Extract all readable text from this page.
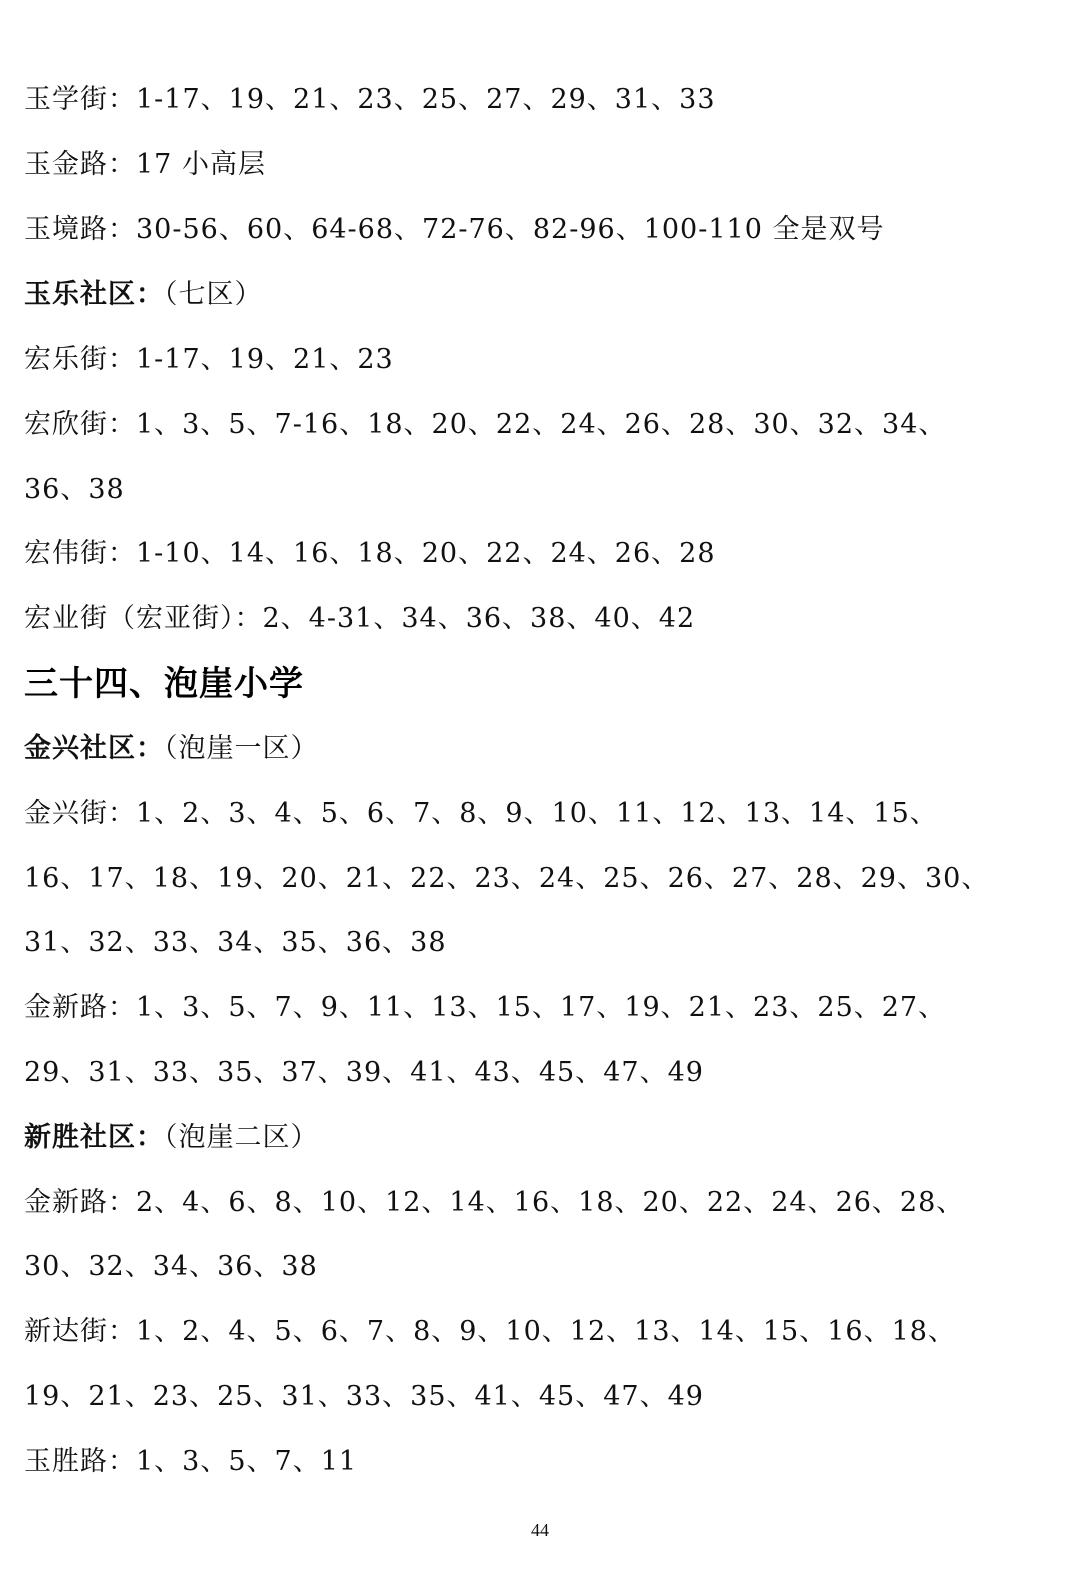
玉学街：1-17、19、21、23、25、27、29、31、33
玉金路：17 小高层
玉境路：30-56、60、64-68、72-76、82-96、100-110 全是双号
玉乐社区：（七区）
宏乐街：1-17、19、21、23
宏欣街：1、3、5、7-16、18、20、22、24、26、28、30、32、34、
36、38
宏伟街：1-10、14、16、18、20、22、24、26、28
宏业街（宏亚街）：2、4-31、34、36、38、40、42
三十四、泡崖小学
金兴社区：（泡崖一区）
金兴街：1、2、3、4、5、6、7、8、9、10、11、12、13、14、15、
16、17、18、19、20、21、22、23、24、25、26、27、28、29、30、
31、32、33、34、35、36、38
金新路：1、3、5、7、9、11、13、15、17、19、21、23、25、27、
29、31、33、35、37、39、41、43、45、47、49
新胜社区：（泡崖二区）
金新路：2、4、6、8、10、12、14、16、18、20、22、24、26、28、
30、32、34、36、38
新达街：1、2、4、5、6、7、8、9、10、12、13、14、15、16、18、
19、21、23、25、31、33、35、41、45、47、49
玉胜路：1、3、5、7、11
44
